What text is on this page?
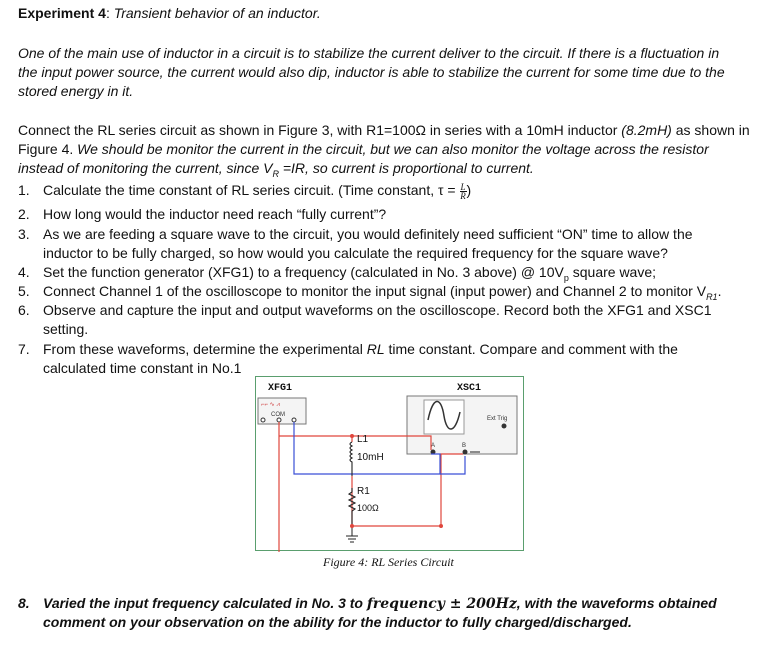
Experiment 4: Transient behavior of an inductor.
One of the main use of inductor in a circuit is to stabilize the current deliver to the circuit. If there is a fluctuation in
the input power source, the current would also dip, inductor is able to stabilize the current for some time due to the
stored energy in it.
Connect the RL series circuit as shown in Figure 3, with R1=100Ω in series with a 10mH inductor (8.2mH) as shown in
Figure 4. We should be monitor the current in the circuit, but we can also monitor the voltage across the resistor
instead of monitoring the current, since $V_R =IR$, so current is proportional to current.
1. Calculate the time constant of RL series circuit. (Time constant, $\tau = \frac{L}{R}$ )
2. How long would the inductor need reach “fully current”?
3. As we are feeding a square wave to the circuit, you would definitely need sufficient “ON” time to allow the
inductor to be fully charged, so how would you calculate the required frequency for the square wave?
4. Set the function generator (XFG1) to a frequency (calculated in No. 3 above) @ $10V_p$ square wave;
5. Connect Channel 1 of the oscilloscope to monitor the input signal (input power) and Channel 2 to monitor $V_{R1}$.
6. Observe and capture the input and output waveforms on the oscilloscope. Record both the XFG1 and XSC1
setting.
7. From these waveforms, determine the experimental RL time constant. Compare and comment with the
calculated time constant in No.1
XFG1
⌐⌐ ∿ ⩘
COM
XSC1
Ext Trig
A	B
L1
10mH
R1
100Ω
Figure 4: RL Series Circuit
8. Varied the input frequency calculated in No. 3 to frequency ± 200Hz, with the waveforms obtained
comment on your observation on the ability for the inductor to fully charged/discharged.
